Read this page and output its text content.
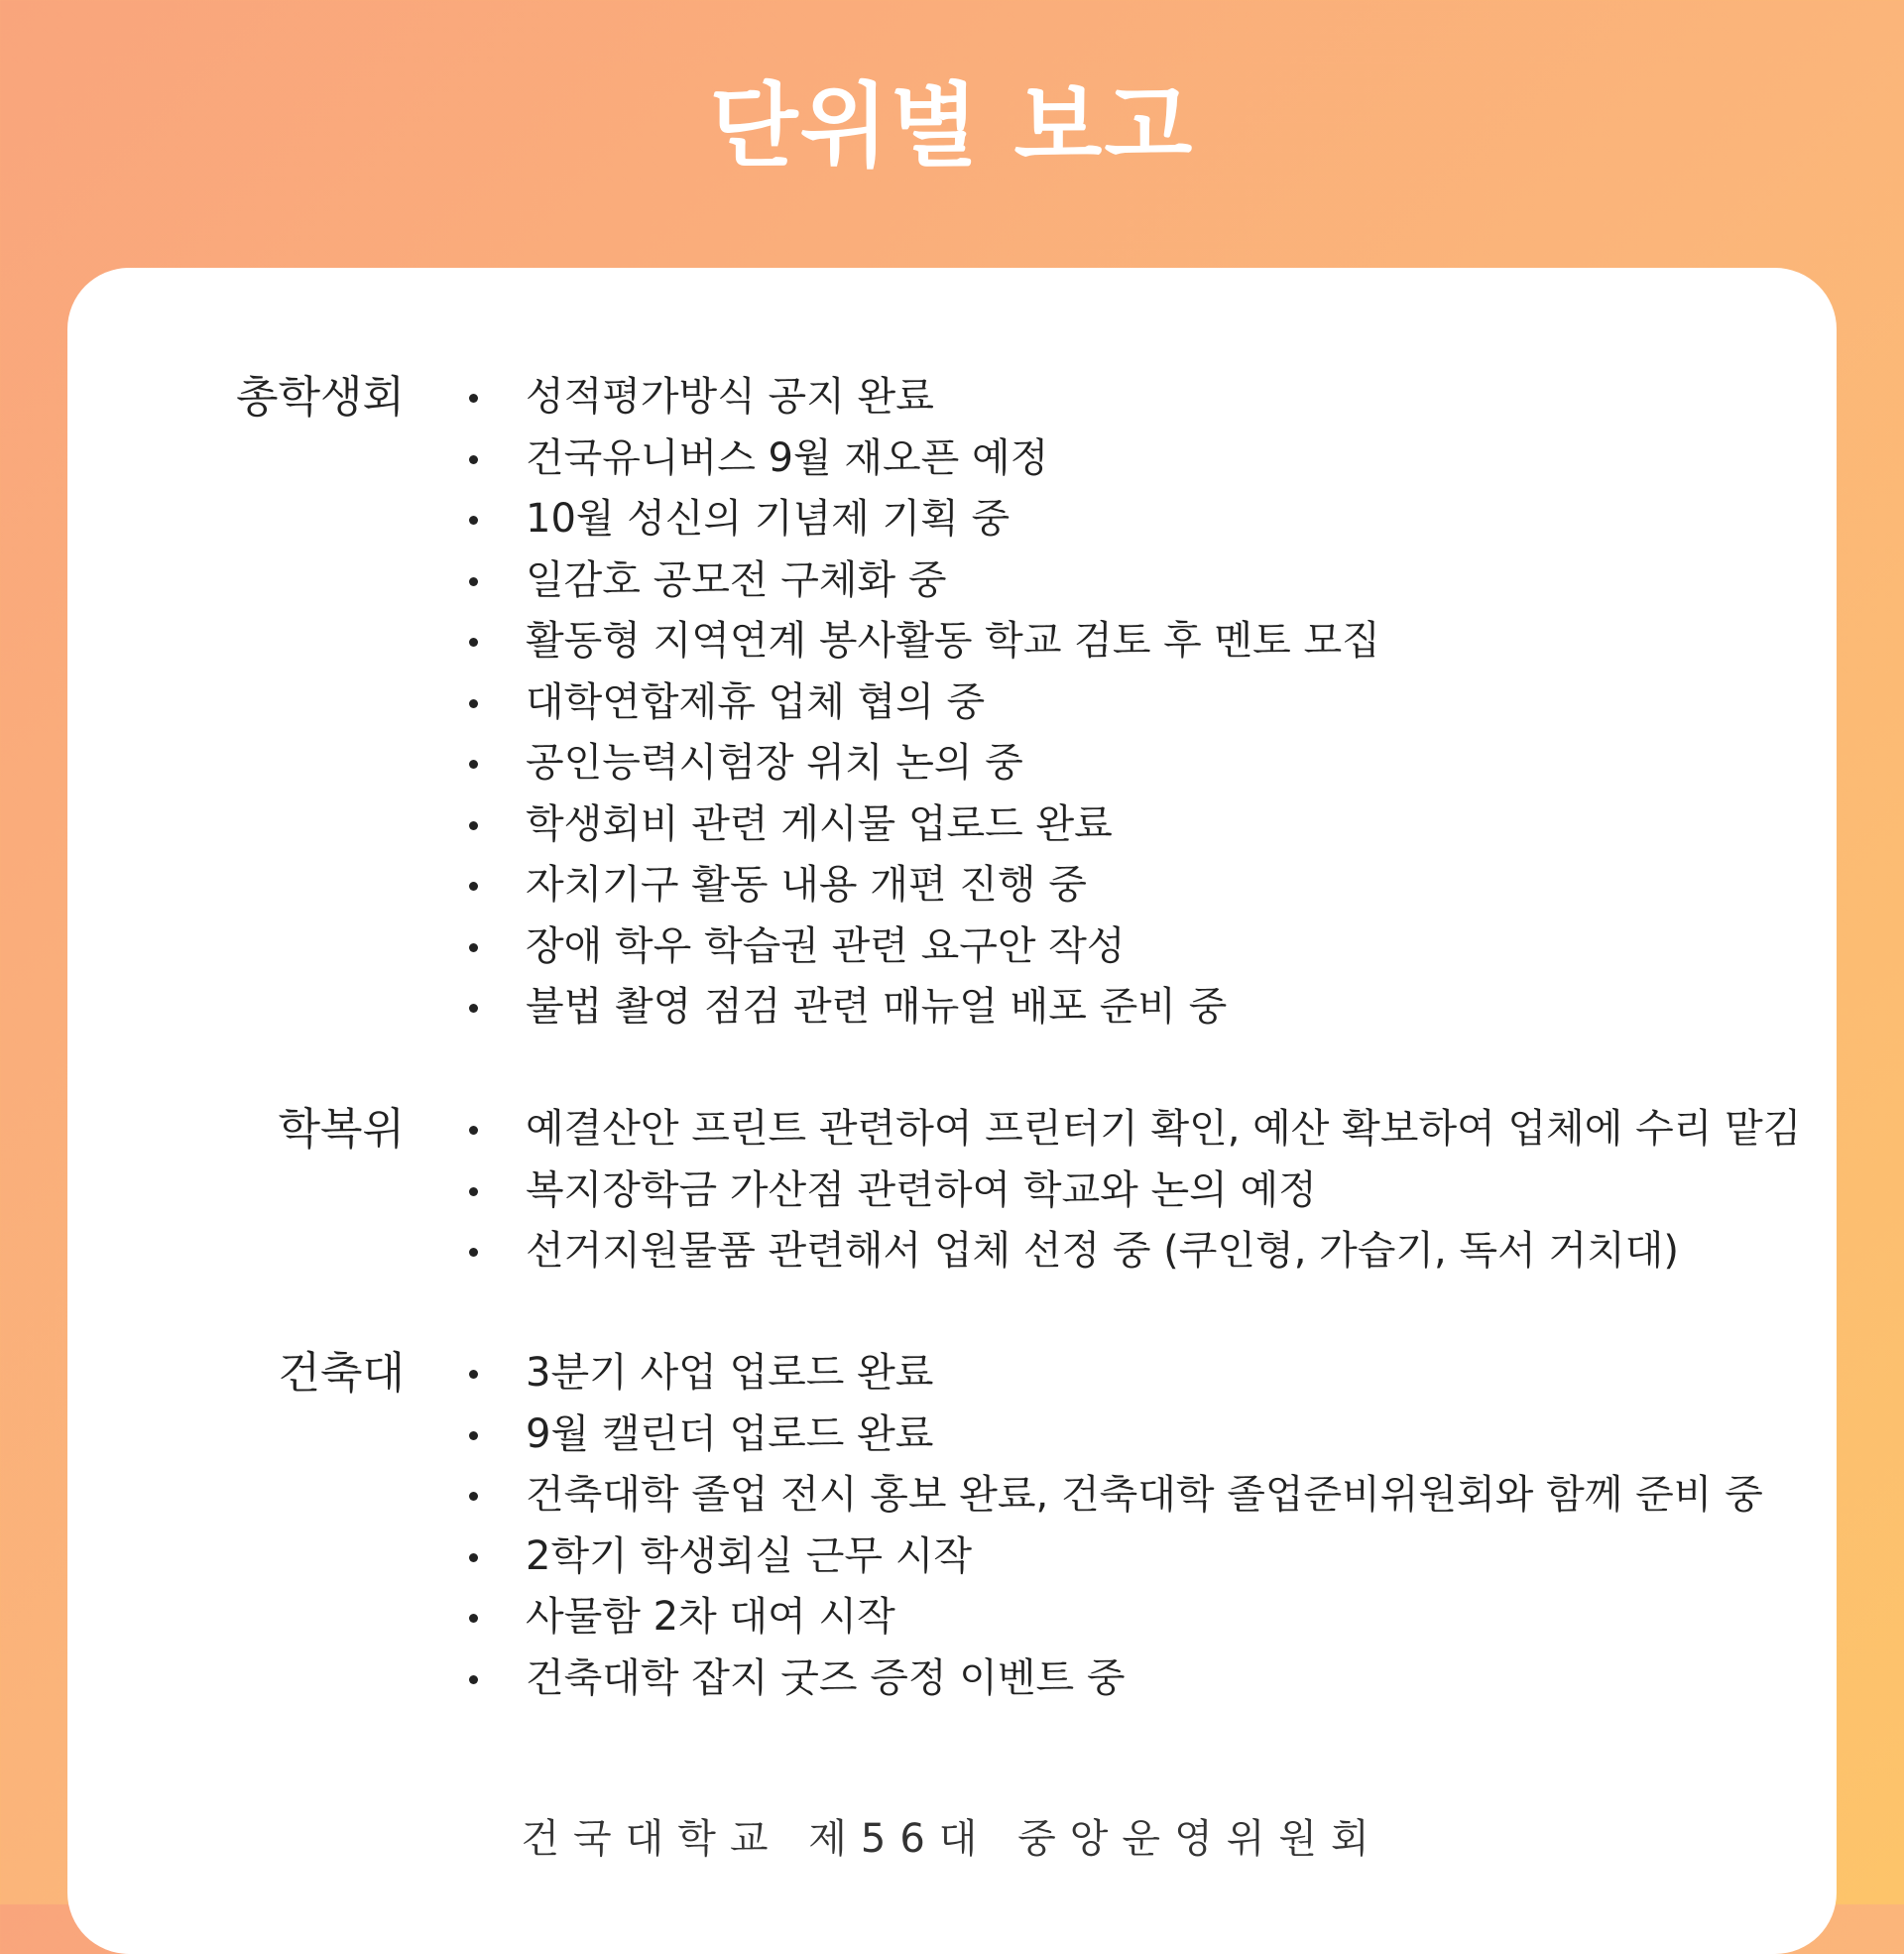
단위별 보고
총학생회	성적평가방식 공지 완료
건국유니버스 9월 재오픈 예정
10월 성신의 기념제 기획 중
일감호 공모전 구체화 중
활동형 지역연계 봉사활동 학교 검토 후 멘토 모집
대학연합제휴 업체 협의 중
공인능력시험장 위치 논의 중
학생회비 관련 게시물 업로드 완료
자치기구 활동 내용 개편 진행 중
장애 학우 학습권 관련 요구안 작성
불법 촬영 점검 관련 매뉴얼 배포 준비 중
학복위	예결산안 프린트 관련하여 프린터기 확인, 예산 확보하여 업체에 수리 맡김
복지장학금 가산점 관련하여 학교와 논의 예정
선거지원물품 관련해서 업체 선정 중 (쿠인형, 가습기, 독서 거치대)
건축대	3분기 사업 업로드 완료
9월 캘린더 업로드 완료
건축대학 졸업 전시 홍보 완료, 건축대학 졸업준비위원회와 함께 준비 중
2학기 학생회실 근무 시작
사물함 2차 대여 시작
건축대학 잡지 굿즈 증정 이벤트 중
건국대학교 제56대 중앙운영위원회
